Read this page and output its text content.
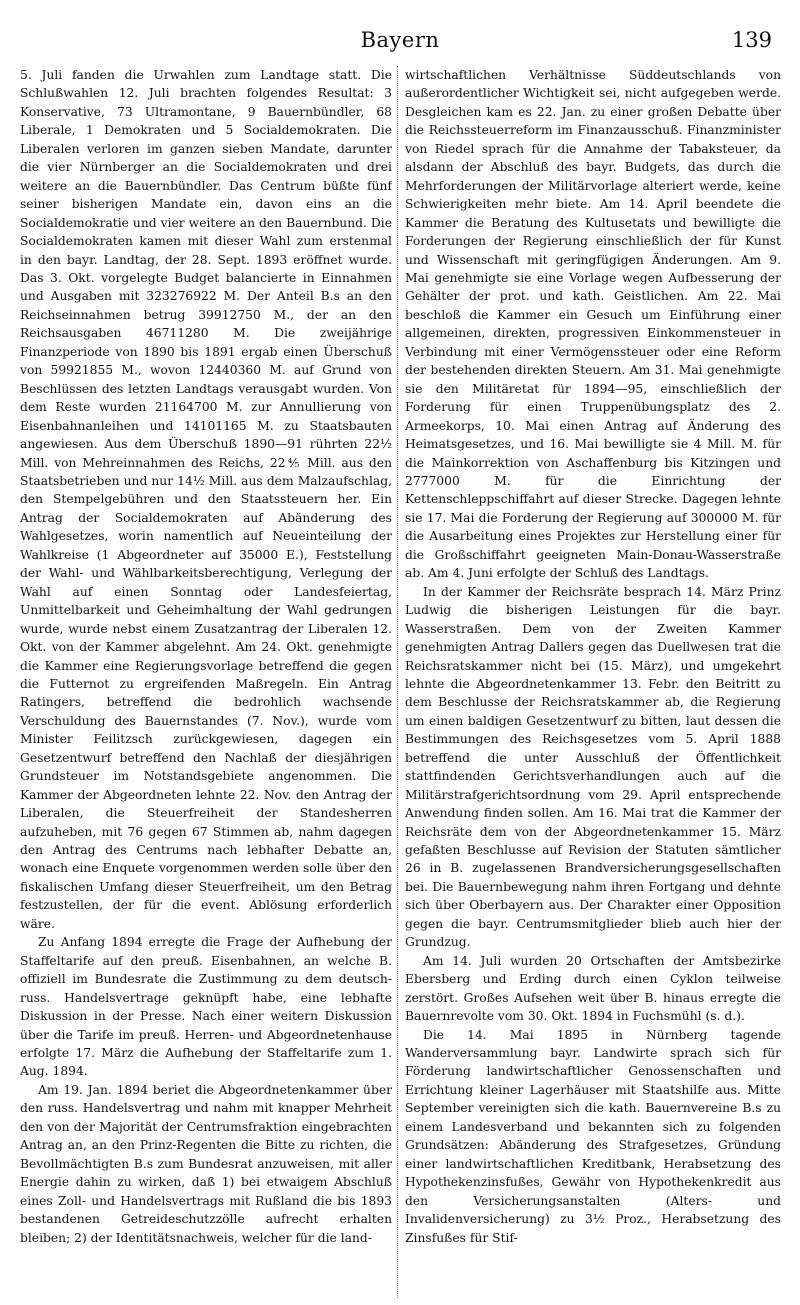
Bayern	139

5. Juli fanden die Urwahlen zum Landtage statt. Die Schlußwahlen 12. Juli brachten folgendes Resultat: 3 Konservative, 73 Ultramontane, 9 Bauernbündler, 68 Liberale, 1 Demokraten und 5 Socialdemokraten. Die Liberalen verloren im ganzen sieben Mandate, darunter die vier Nürnberger an die Socialdemokraten und drei weitere an die Bauernbündler. Das Centrum büßte fünf seiner bisherigen Mandate ein, davon eins an die Socialdemokratie und vier weitere an den Bauernbund. Die Socialdemokraten kamen mit dieser Wahl zum erstenmal in den bayr. Landtag, der 28. Sept. 1893 eröffnet wurde. Das 3. Okt. vorgelegte Budget balancierte in Einnahmen und Ausgaben mit 323276922 M. Der Anteil B.s an den Reichseinnahmen betrug 39912750 M., der an den Reichsausgaben 46711280 M. Die zweijährige Finanzperiode von 1890 bis 1891 ergab einen Überschuß von 59921855 M., wovon 12440360 M. auf Grund von Beschlüssen des letzten Landtags verausgabt wurden. Von dem Reste wurden 21164700 M. zur Annullierung von Eisenbahnanleihen und 14101165 M. zu Staatsbauten angewiesen. Aus dem Überschuß 1890—91 rührten 22½ Mill. von Mehreinnahmen des Reichs, 22⅘ Mill. aus den Staatsbetrieben und nur 14½ Mill. aus dem Malzaufschlag, den Stempelgebühren und den Staatssteuern her. Ein Antrag der Socialdemokraten auf Abänderung des Wahlgesetzes, worin namentlich auf Neueinteilung der Wahlkreise (1 Abgeordneter auf 35000 E.), Feststellung der Wahl- und Wählbarkeitsberechtigung, Verlegung der Wahl auf einen Sonntag oder Landesfeiertag, Unmittelbarkeit und Geheimhaltung der Wahl gedrungen wurde, wurde nebst einem Zusatzantrag der Liberalen 12. Okt. von der Kammer abgelehnt. Am 24. Okt. genehmigte die Kammer eine Regierungsvorlage betreffend die gegen die Futternot zu ergreifenden Maßregeln. Ein Antrag Ratingers, betreffend die bedrohlich wachsende Verschuldung des Bauernstandes (7. Nov.), wurde vom Minister Feilitzsch zurückgewiesen, dagegen ein Gesetzentwurf betreffend den Nachlaß der diesjährigen Grundsteuer im Notstandsgebiete angenommen. Die Kammer der Abgeordneten lehnte 22. Nov. den Antrag der Liberalen, die Steuerfreiheit der Standesherren aufzuheben, mit 76 gegen 67 Stimmen ab, nahm dagegen den Antrag des Centrums nach lebhafter Debatte an, wonach eine Enquete vorgenommen werden solle über den fiskalischen Umfang dieser Steuerfreiheit, um den Betrag festzustellen, der für die event. Ablösung erforderlich wäre.

Zu Anfang 1894 erregte die Frage der Aufhebung der Staffeltarife auf den preuß. Eisenbahnen, an welche B. offiziell im Bundesrate die Zustimmung zu dem deutsch-russ. Handelsvertrage geknüpft habe, eine lebhafte Diskussion in der Presse. Nach einer weitern Diskussion über die Tarife im preuß. Herren- und Abgeordnetenhause erfolgte 17. März die Aufhebung der Staffeltarife zum 1. Aug. 1894.

Am 19. Jan. 1894 beriet die Abgeordnetenkammer über den russ. Handelsvertrag und nahm mit knapper Mehrheit den von der Majorität der Centrumsfraktion eingebrachten Antrag an, an den Prinz-Regenten die Bitte zu richten, die Bevollmächtigten B.s zum Bundesrat anzuweisen, mit aller Energie dahin zu wirken, daß 1) bei etwaigem Abschluß eines Zoll- und Handelsvertrags mit Rußland die bis 1893 bestandenen Getreideschutzzölle aufrecht erhalten bleiben; 2) der Identitätsnachweis, welcher für die land-

wirtschaftlichen Verhältnisse Süddeutschlands von außerordentlicher Wichtigkeit sei, nicht aufgegeben werde. Desgleichen kam es 22. Jan. zu einer großen Debatte über die Reichssteuerreform im Finanzausschuß. Finanzminister von Riedel sprach für die Annahme der Tabaksteuer, da alsdann der Abschluß des bayr. Budgets, das durch die Mehrforderungen der Militärvorlage alteriert werde, keine Schwierigkeiten mehr biete. Am 14. April beendete die Kammer die Beratung des Kultusetats und bewilligte die Forderungen der Regierung einschließlich der für Kunst und Wissenschaft mit geringfügigen Änderungen. Am 9. Mai genehmigte sie eine Vorlage wegen Aufbesserung der Gehälter der prot. und kath. Geistlichen. Am 22. Mai beschloß die Kammer ein Gesuch um Einführung einer allgemeinen, direkten, progressiven Einkommensteuer in Verbindung mit einer Vermögenssteuer oder eine Reform der bestehenden direkten Steuern. Am 31. Mai genehmigte sie den Militäretat für 1894—95, einschließlich der Forderung für einen Truppenübungsplatz des 2. Armeekorps, 10. Mai einen Antrag auf Änderung des Heimatsgesetzes, und 16. Mai bewilligte sie 4 Mill. M. für die Mainkorrektion von Aschaffenburg bis Kitzingen und 2777000 M. für die Einrichtung der Kettenschleppschiffahrt auf dieser Strecke. Dagegen lehnte sie 17. Mai die Forderung der Regierung auf 300000 M. für die Ausarbeitung eines Projektes zur Herstellung einer für die Großschiffahrt geeigneten Main-Donau-Wasserstraße ab. Am 4. Juni erfolgte der Schluß des Landtags.

In der Kammer der Reichsräte besprach 14. März Prinz Ludwig die bisherigen Leistungen für die bayr. Wasserstraßen. Dem von der Zweiten Kammer genehmigten Antrag Dallers gegen das Duellwesen trat die Reichsratskammer nicht bei (15. März), und umgekehrt lehnte die Abgeordnetenkammer 13. Febr. den Beitritt zu dem Beschlusse der Reichsratskammer ab, die Regierung um einen baldigen Gesetzentwurf zu bitten, laut dessen die Bestimmungen des Reichsgesetzes vom 5. April 1888 betreffend die unter Ausschluß der Öffentlichkeit stattfindenden Gerichtsverhandlungen auch auf die Militärstrafgerichtsordnung vom 29. April entsprechende Anwendung finden sollen. Am 16. Mai trat die Kammer der Reichsräte dem von der Abgeordnetenkammer 15. März gefaßten Beschlusse auf Revision der Statuten sämtlicher 26 in B. zugelassenen Brandversicherungsgesellschaften bei. Die Bauernbewegung nahm ihren Fortgang und dehnte sich über Oberbayern aus. Der Charakter einer Opposition gegen die bayr. Centrumsmitglieder blieb auch hier der Grundzug.

Am 14. Juli wurden 20 Ortschaften der Amtsbezirke Ebersberg und Erding durch einen Cyklon teilweise zerstört. Großes Aufsehen weit über B. hinaus erregte die Bauernrevolte vom 30. Okt. 1894 in Fuchsmühl (s. d.).

Die 14. Mai 1895 in Nürnberg tagende Wanderversammlung bayr. Landwirte sprach sich für Förderung landwirtschaftlicher Genossenschaften und Errichtung kleiner Lagerhäuser mit Staatshilfe aus. Mitte September vereinigten sich die kath. Bauernvereine B.s zu einem Landesverband und bekannten sich zu folgenden Grundsätzen: Abänderung des Strafgesetzes, Gründung einer landwirtschaftlichen Kreditbank, Herabsetzung des Hypothekenzinsfußes, Gewähr von Hypothekenkredit aus den Versicherungsanstalten (Alters- und Invalidenversicherung) zu 3½ Proz., Herabsetzung des Zinsfußes für Stif-
